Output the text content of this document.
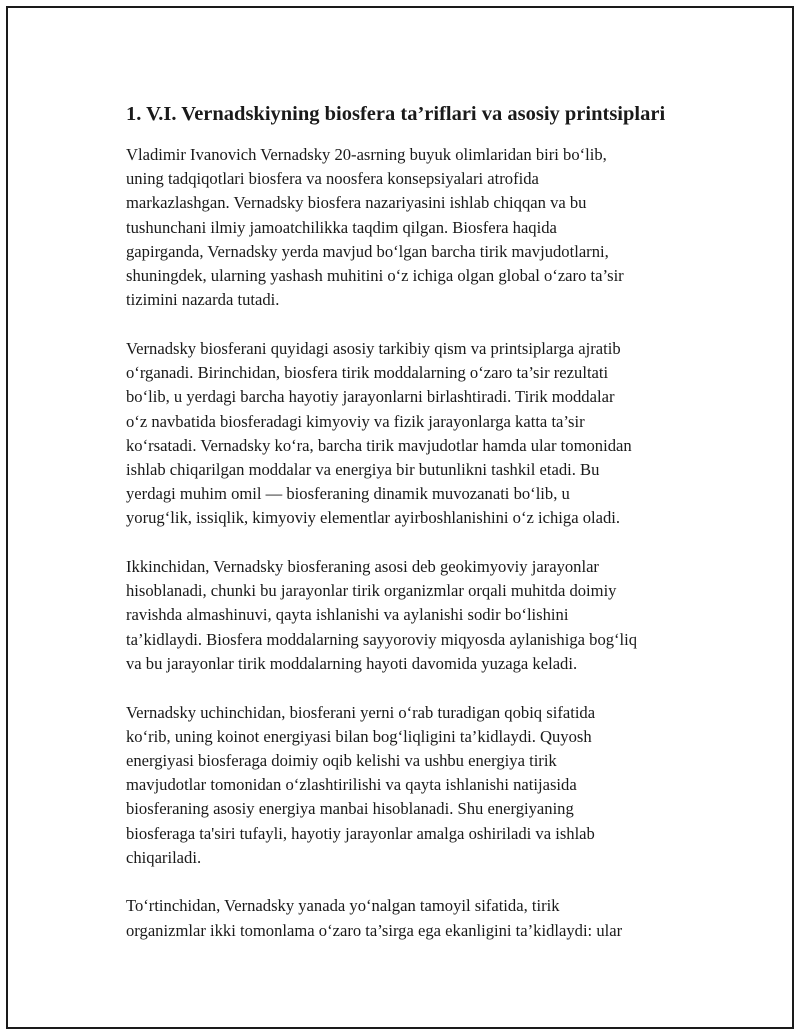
1. V.I. Vernadskiyning biosfera ta’riflari va asosiy printsiplari

Vladimir Ivanovich Vernadsky 20-asrning buyuk olimlaridan biri bo‘lib,
uning tadqiqotlari biosfera va noosfera konsepsiyalari atrofida
markazlashgan. Vernadsky biosfera nazariyasini ishlab chiqqan va bu
tushunchani ilmiy jamoatchilikka taqdim qilgan. Biosfera haqida
gapirganda, Vernadsky yerda mavjud bo‘lgan barcha tirik mavjudotlarni,
shuningdek, ularning yashash muhitini o‘z ichiga olgan global o‘zaro ta’sir
tizimini nazarda tutadi.

Vernadsky biosferani quyidagi asosiy tarkibiy qism va printsiplarga ajratib
o‘rganadi. Birinchidan, biosfera tirik moddalarning o‘zaro ta’sir rezultati
bo‘lib, u yerdagi barcha hayotiy jarayonlarni birlashtiradi. Tirik moddalar
o‘z navbatida biosferadagi kimyoviy va fizik jarayonlarga katta ta’sir
ko‘rsatadi. Vernadsky ko‘ra, barcha tirik mavjudotlar hamda ular tomonidan
ishlab chiqarilgan moddalar va energiya bir butunlikni tashkil etadi. Bu
yerdagi muhim omil — biosferaning dinamik muvozanati bo‘lib, u
yorug‘lik, issiqlik, kimyoviy elementlar ayirboshlanishini o‘z ichiga oladi.

Ikkinchidan, Vernadsky biosferaning asosi deb geokimyoviy jarayonlar
hisoblanadi, chunki bu jarayonlar tirik organizmlar orqali muhitda doimiy
ravishda almashinuvi, qayta ishlanishi va aylanishi sodir bo‘lishini
ta’kidlaydi. Biosfera moddalarning sayyoroviy miqyosda aylanishiga bog‘liq
va bu jarayonlar tirik moddalarning hayoti davomida yuzaga keladi.

Vernadsky uchinchidan, biosferani yerni o‘rab turadigan qobiq sifatida
ko‘rib, uning koinot energiyasi bilan bog‘liqligini ta’kidlaydi. Quyosh
energiyasi biosferaga doimiy oqib kelishi va ushbu energiya tirik
mavjudotlar tomonidan o‘zlashtirilishi va qayta ishlanishi natijasida
biosferaning asosiy energiya manbai hisoblanadi. Shu energiyaning
biosferaga ta'siri tufayli, hayotiy jarayonlar amalga oshiriladi va ishlab
chiqariladi.

To‘rtinchidan, Vernadsky yanada yo‘nalgan tamoyil sifatida, tirik
organizmlar ikki tomonlama o‘zaro ta’sirga ega ekanligini ta’kidlaydi: ular
